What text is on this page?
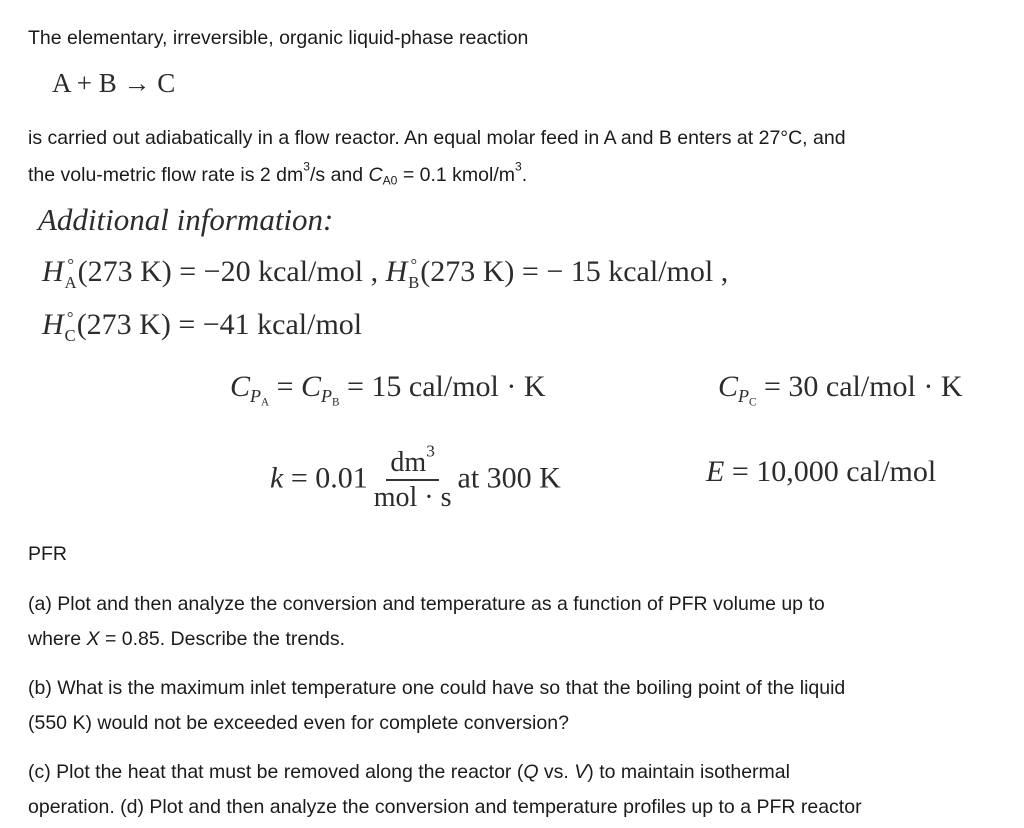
The elementary, irreversible, organic liquid-phase reaction

A + B → C

is carried out adiabatically in a flow reactor. An equal molar feed in A and B enters at 27°C, and

the volu-metric flow rate is 2 $dm^3/s$ and $C_{A0} = 0.1$ kmol/$m^3$.

Additional information:
H °
A (273 K) = −20 kcal/mol , H °
B (273 K) = − 15 kcal/mol ,
H °
C (273 K) = −41 kcal/mol
$C_{P_A} = C_{P_B} = 15$ cal/mol · K	$C_{P_C} = 30$ cal/mol · K
$k = 0.01 \frac{dm^3}{\text{mol · s}}$ at 300 K	E = 10,000 cal/mol

PFR

(a) Plot and then analyze the conversion and temperature as a function of PFR volume up to

where X = 0.85. Describe the trends.

(b) What is the maximum inlet temperature one could have so that the boiling point of the liquid

(550 K) would not be exceeded even for complete conversion?

(c) Plot the heat that must be removed along the reactor (Q vs. V) to maintain isothermal

operation. (d) Plot and then analyze the conversion and temperature profiles up to a PFR reactor
